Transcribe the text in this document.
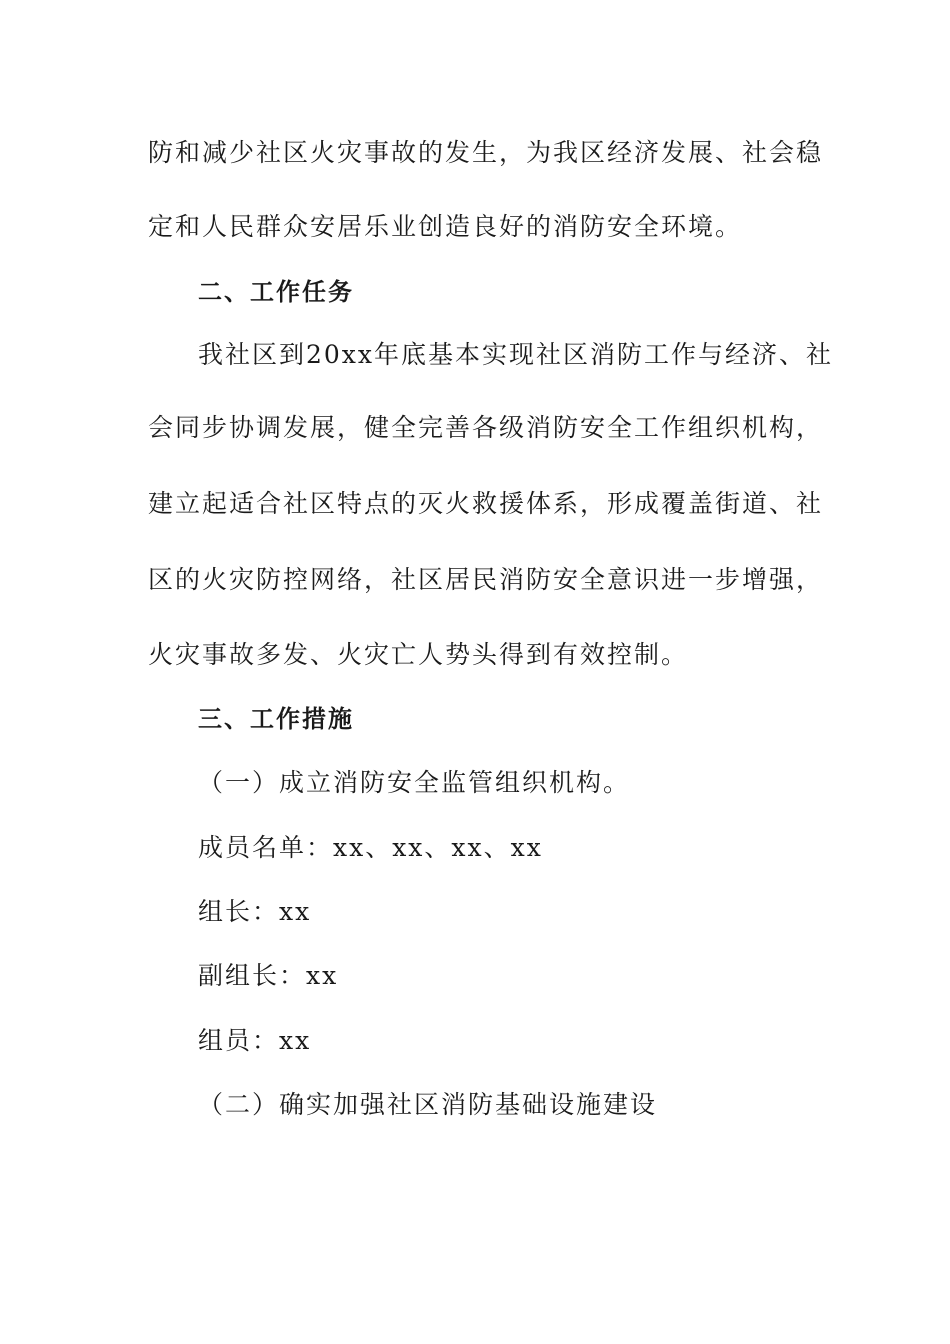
防和减少社区火灾事故的发生，为我区经济发展、社会稳
定和人民群众安居乐业创造良好的消防安全环境。
二、工作任务
我社区到20xx年底基本实现社区消防工作与经济、社
会同步协调发展，健全完善各级消防安全工作组织机构，
建立起适合社区特点的灭火救援体系，形成覆盖街道、社
区的火灾防控网络，社区居民消防安全意识进一步增强，
火灾事故多发、火灾亡人势头得到有效控制。
三、工作措施
（一）成立消防安全监管组织机构。
成员名单：xx、xx、xx、xx
组长：xx
副组长：xx
组员：xx
（二）确实加强社区消防基础设施建设
